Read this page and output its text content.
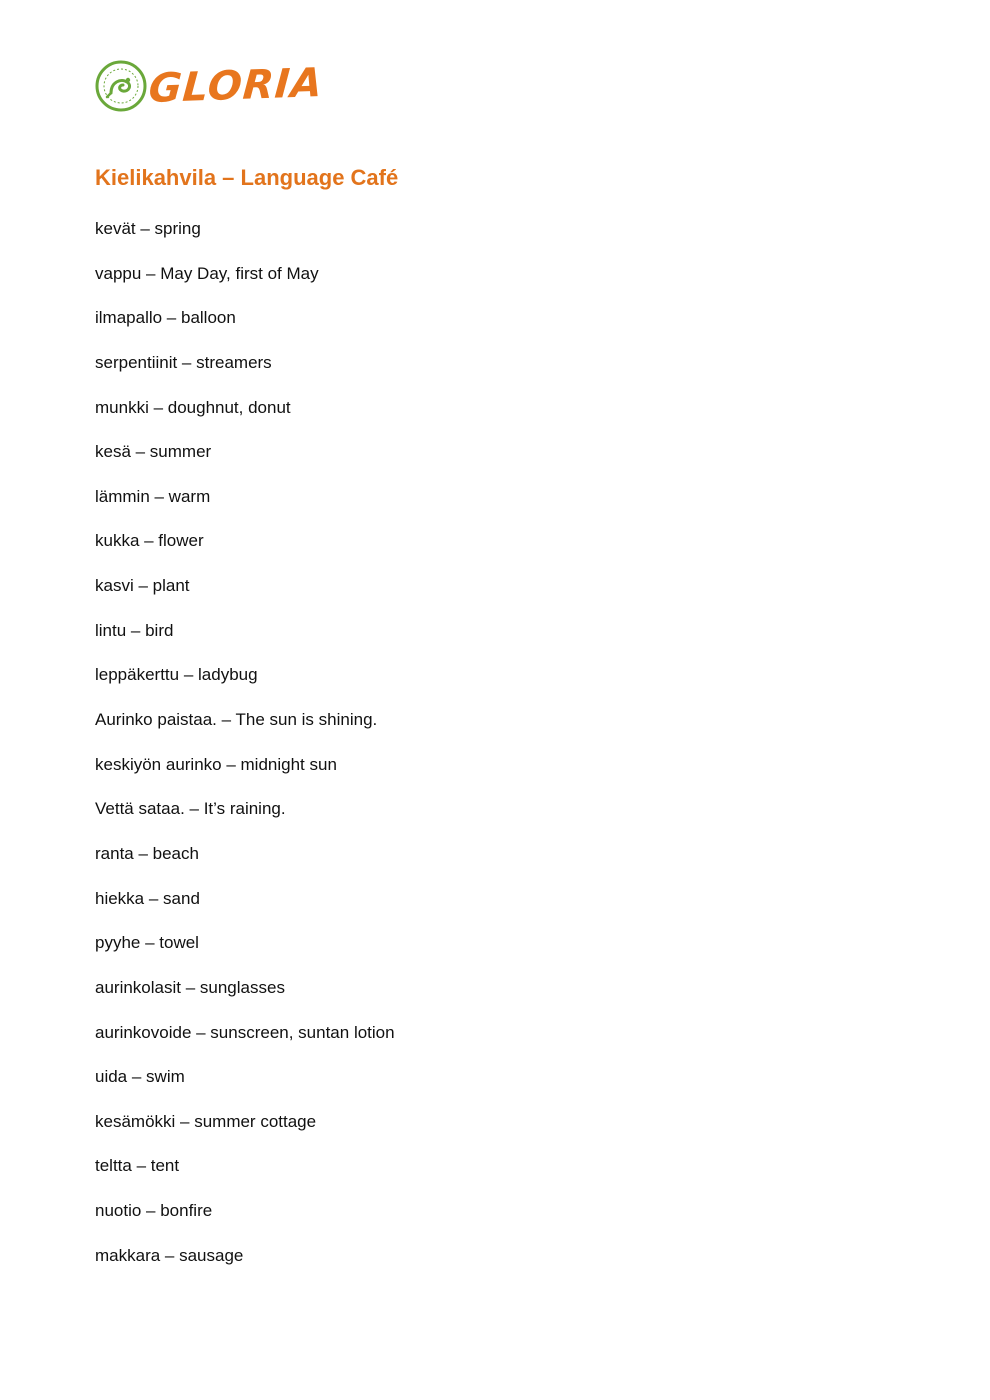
GLORIA
Kielikahvila – Language Café
kevät – spring
vappu – May Day, first of May
ilmapallo – balloon
serpentiinit – streamers
munkki – doughnut, donut
kesä – summer
lämmin – warm
kukka – flower
kasvi – plant
lintu – bird
leppäkerttu – ladybug
Aurinko paistaa. – The sun is shining.
keskiyön aurinko – midnight sun
Vettä sataa. – It’s raining.
ranta – beach
hiekka – sand
pyyhe – towel
aurinkolasit – sunglasses
aurinkovoide – sunscreen, suntan lotion
uida – swim
kesämökki – summer cottage
teltta – tent
nuotio – bonfire
makkara – sausage
